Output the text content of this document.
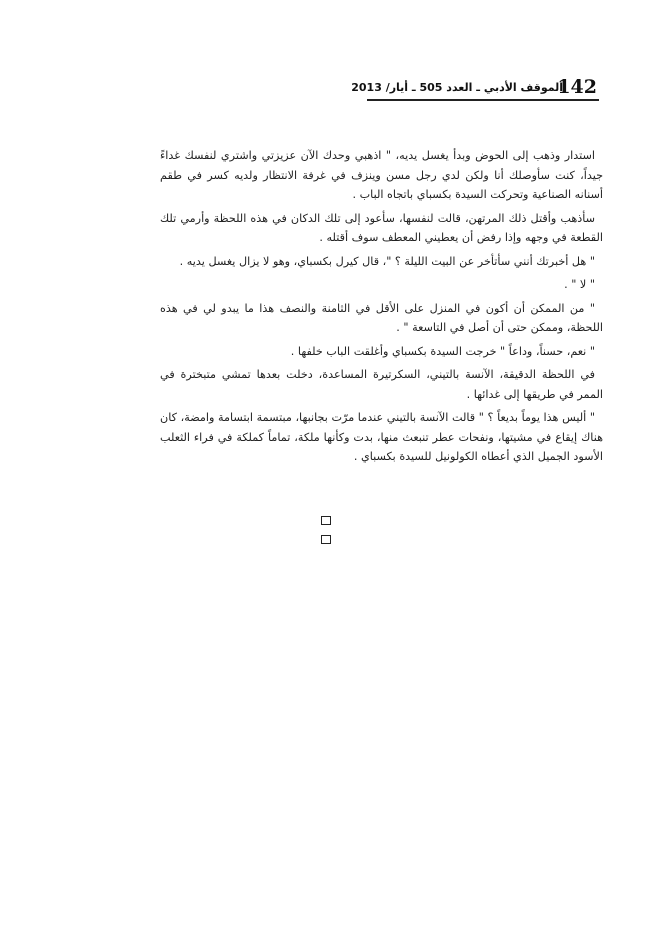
142
الموقف الأدبي ـ العدد 505 ـ أيار/ 2013

استدار وذهب إلى الحوض وبدأ يغسل يديه، " اذهبي وحدك الآن عزيزتي واشتري لنفسك غداءً جيداً، كنت سأوصلك أنا ولكن لدي رجل مسن وينزف في غرفة الانتظار ولديه كسر في طقم أسنانه الصناعية وتحركت السيدة بكسباي باتجاه الباب .

سأذهب وأقتل ذلك المرتهن، قالت لنفسها، سأعود إلى تلك الدكان في هذه اللحظة وأرمي تلك القطعة في وجهه وإذا رفض أن يعطيني المعطف سوف أقتله .

" هل أخبرتك أنني سأتأخر عن البيت الليلة ؟ "، قال كيرل بكسباي، وهو لا يزال يغسل يديه .

" لا " .

" من الممكن أن أكون في المنزل على الأقل في الثامنة والنصف هذا ما يبدو لي في هذه اللحظة، وممكن حتى أن أصل في التاسعة " .

" نعم، حسناً، وداعاً " خرجت السيدة بكسباي وأغلقت الباب خلفها .

في اللحظة الدقيقة، الآنسة بالتيني، السكرتيرة المساعدة، دخلت بعدها تمشي متبخترة في الممر في طريقها إلى غدائها .

" أليس هذا يوماً بديعاً ؟ " قالت الآنسة بالتيني عندما مرّت بجانبها، مبتسمة ابتسامة وامضة، كان هناك إيقاع في مشيتها، ونفحات عطر تنبعث منها، بدت وكأنها ملكة، تماماً كملكة في فراء الثعلب الأسود الجميل الذي أعطاه الكولونيل للسيدة بكسباي .
